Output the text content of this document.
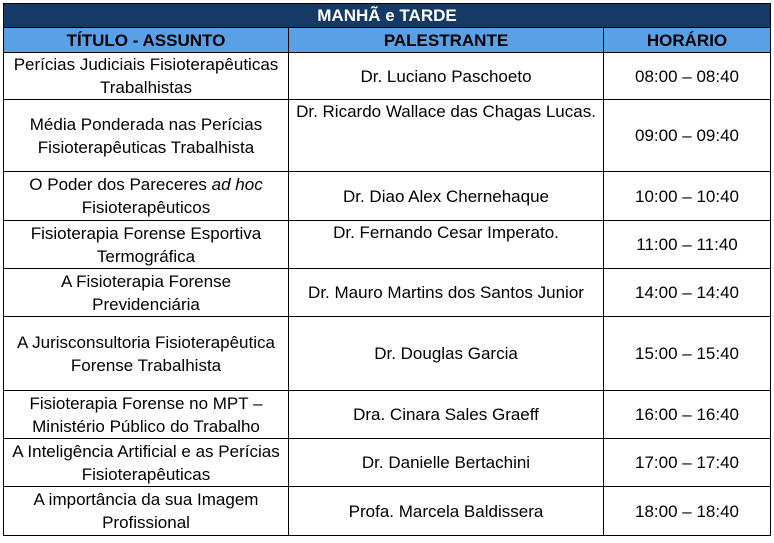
MANHÃ e TARDE		
TÍTULO - ASSUNTO	PALESTRANTE	HORÁRIO
Perícias Judiciais Fisioterapêuticas Trabalhistas	Dr. Luciano Paschoeto	08:00 – 08:40
Média Ponderada nas Perícias Fisioterapêuticas Trabalhista	Dr. Ricardo Wallace das Chagas Lucas.	09:00 – 09:40
O Poder dos Pareceres ad hoc Fisioterapêuticos	Dr. Diao Alex Chernehaque	10:00 – 10:40
Fisioterapia Forense Esportiva Termográfica	Dr. Fernando Cesar Imperato.	11:00 – 11:40
A Fisioterapia Forense Previdenciária	Dr. Mauro Martins dos Santos Junior	14:00 – 14:40
A Jurisconsultoria Fisioterapêutica Forense Trabalhista	Dr. Douglas Garcia	15:00 – 15:40
Fisioterapia Forense no MPT – Ministério Público do Trabalho	Dra. Cinara Sales Graeff	16:00 – 16:40
A Inteligência Artificial e as Perícias Fisioterapêuticas	Dr. Danielle Bertachini	17:00 – 17:40
A importância da sua Imagem Profissional	Profa. Marcela Baldissera	18:00 – 18:40
